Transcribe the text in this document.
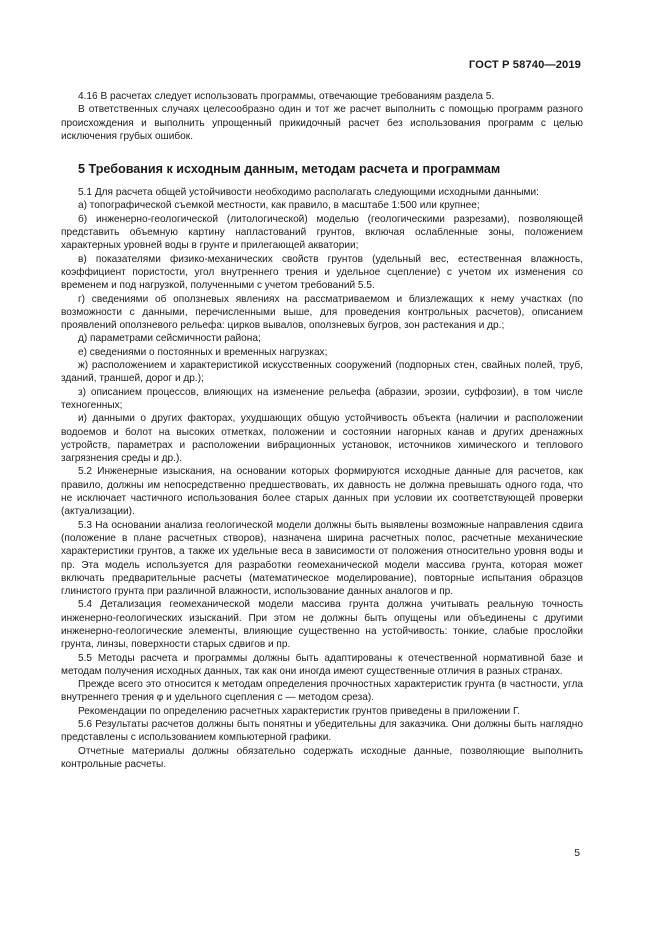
ГОСТ Р 58740—2019

4.16 В расчетах следует использовать программы, отвечающие требованиям раздела 5.

В ответственных случаях целесообразно один и тот же расчет выполнить с помощью программ разного происхождения и выполнить упрощенный прикидочный расчет без использования программ с целью исключения грубых ошибок.

5 Требования к исходным данным, методам расчета и программам

5.1 Для расчета общей устойчивости необходимо располагать следующими исходными данными:

а) топографической съемкой местности, как правило, в масштабе 1:500 или крупнее;

б) инженерно-геологической (литологической) моделью (геологическими разрезами), позволяющей представить объемную картину напластований грунтов, включая ослабленные зоны, положением характерных уровней воды в грунте и прилегающей акватории;

в) показателями физико-механических свойств грунтов (удельный вес, естественная влажность, коэффициент пористости, угол внутреннего трения и удельное сцепление) с учетом их изменения со временем и под нагрузкой, полученными с учетом требований 5.5.

г) сведениями об оползневых явлениях на рассматриваемом и близлежащих к нему участках (по возможности с данными, перечисленными выше, для проведения контрольных расчетов), описанием проявлений оползневого рельефа: цирков вывалов, оползневых бугров, зон растекания и др.;

д) параметрами сейсмичности района;

е) сведениями о постоянных и временных нагрузках;

ж) расположением и характеристикой искусственных сооружений (подпорных стен, свайных полей, труб, зданий, траншей, дорог и др.);

з) описанием процессов, влияющих на изменение рельефа (абразии, эрозии, суффозии), в том числе техногенных;

и) данными о других факторах, ухудшающих общую устойчивость объекта (наличии и расположении водоемов и болот на высоких отметках, положении и состоянии нагорных канав и других дренажных устройств, параметрах и расположении вибрационных установок, источников химического и теплового загрязнения среды и др.).

5.2 Инженерные изыскания, на основании которых формируются исходные данные для расчетов, как правило, должны им непосредственно предшествовать, их давность не должна превышать одного года, что не исключает частичного использования более старых данных при условии их соответствующей проверки (актуализации).

5.3 На основании анализа геологической модели должны быть выявлены возможные направления сдвига (положение в плане расчетных створов), назначена ширина расчетных полос, расчетные механические характеристики грунтов, а также их удельные веса в зависимости от положения относительно уровня воды и пр. Эта модель используется для разработки геомеханической модели массива грунта, которая может включать предварительные расчеты (математическое моделирование), повторные испытания образцов глинистого грунта при различной влажности, использование данных аналогов и пр.

5.4 Детализация геомеханической модели массива грунта должна учитывать реальную точность инженерно-геологических изысканий. При этом не должны быть опущены или объединены с другими инженерно-геологические элементы, влияющие существенно на устойчивость: тонкие, слабые прослойки грунта, линзы, поверхности старых сдвигов и пр.

5.5 Методы расчета и программы должны быть адаптированы к отечественной нормативной базе и методам получения исходных данных, так как они иногда имеют существенные отличия в разных странах.

Прежде всего это относится к методам определения прочностных характеристик грунта (в частности, угла внутреннего трения φ и удельного сцепления c — методом среза).

Рекомендации по определению расчетных характеристик грунтов приведены в приложении Г.

5.6 Результаты расчетов должны быть понятны и убедительны для заказчика. Они должны быть наглядно представлены с использованием компьютерной графики.

Отчетные материалы должны обязательно содержать исходные данные, позволяющие выполнить контрольные расчеты.

5
